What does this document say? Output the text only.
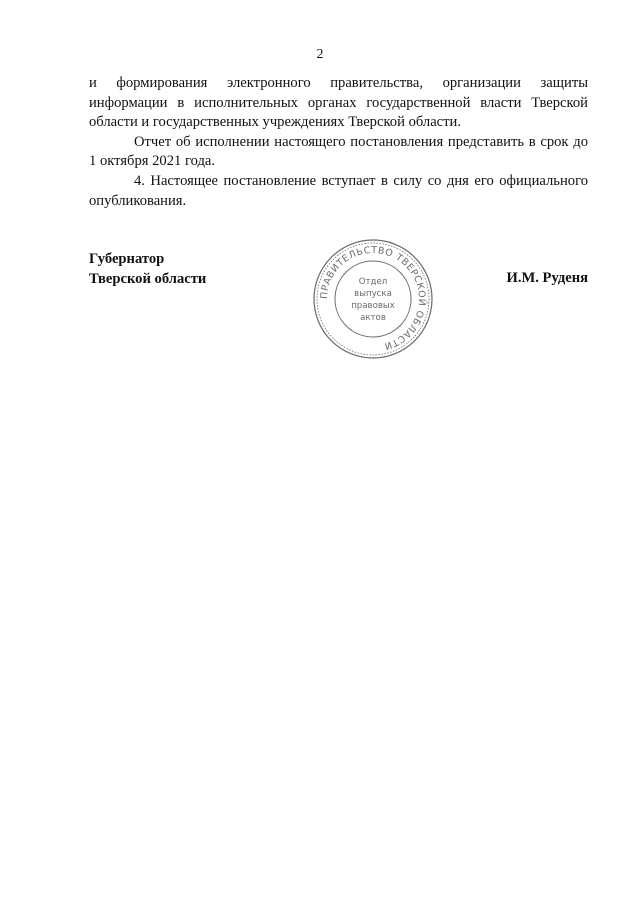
2

и формирования электронного правительства, организации защиты информации в исполнительных органах государственной власти Тверской области и государственных учреждениях Тверской области.

Отчет об исполнении настоящего постановления представить в срок до 1 октября 2021 года.

4. Настоящее постановление вступает в силу со дня его официального опубликования.

Губернатор
Тверской области	И.М. Руденя
ПРАВИТЕЛЬСТВО ТВЕРСКОЙ ОБЛАСТИ
Отдел
выпуска
правовых
актов
